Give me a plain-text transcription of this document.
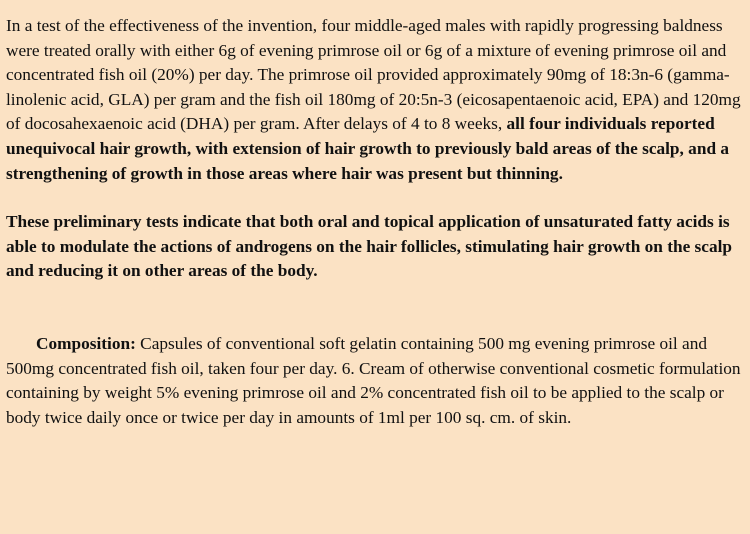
In a test of the effectiveness of the invention, four middle-aged males with rapidly progressing baldness were treated orally with either 6g of evening primrose oil or 6g of a mixture of evening primrose oil and concentrated fish oil (20%) per day. The primrose oil provided approximately 90mg of 18:3n-6 (gamma-linolenic acid, GLA) per gram and the fish oil 180mg of 20:5n-3 (eicosapentaenoic acid, EPA) and 120mg of docosahexaenoic acid (DHA) per gram. After delays of 4 to 8 weeks, all four individuals reported unequivocal hair growth, with extension of hair growth to previously bald areas of the scalp, and a strengthening of growth in those areas where hair was present but thinning.

These preliminary tests indicate that both oral and topical application of unsaturated fatty acids is able to modulate the actions of androgens on the hair follicles, stimulating hair growth on the scalp and reducing it on other areas of the body.

Composition: Capsules of conventional soft gelatin containing 500 mg evening primrose oil and 500mg concentrated fish oil, taken four per day. 6. Cream of otherwise conventional cosmetic formulation containing by weight 5% evening primrose oil and 2% concentrated fish oil to be applied to the scalp or body twice daily once or twice per day in amounts of 1ml per 100 sq. cm. of skin.
